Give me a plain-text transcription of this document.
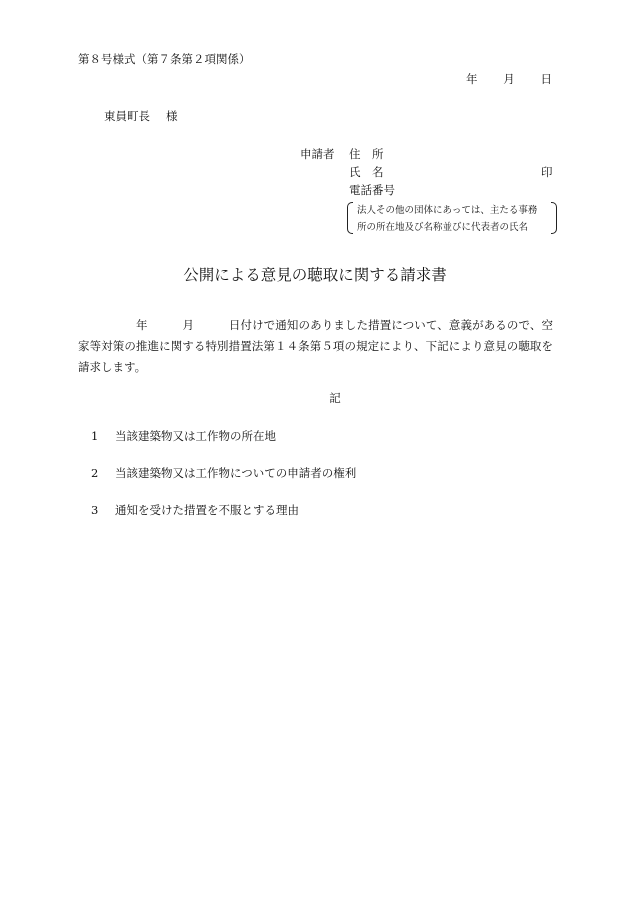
第８号様式（第７条第２項関係）
年 月 日
東員町長 様
申請者 住　所
氏　名	印
電話番号
法人その他の団体にあっては、主たる事務
所の所在地及び名称並びに代表者の氏名
公開による意見の聴取に関する請求書
　　　　　年　　　月　　　日付けで通知のありました措置について、意義があるので、空家等対策の推進に関する特別措置法第１４条第５項の規定により、下記により意見の聴取を請求します。
記
1 当該建築物又は工作物の所在地
2 当該建築物又は工作物についての申請者の権利
3 通知を受けた措置を不服とする理由
